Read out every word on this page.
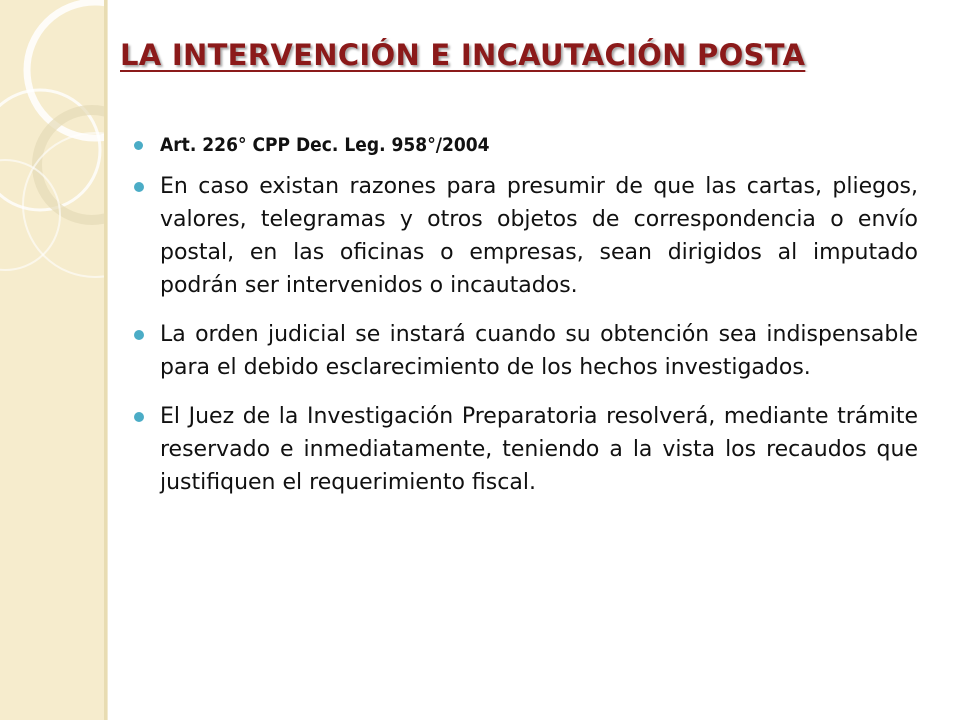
LA INTERVENCIÓN E INCAUTACIÓN POSTA

Art. 226° CPP Dec. Leg. 958°/2004

En caso existan razones para presumir de que las cartas, pliegos, valores, telegramas y otros objetos de correspondencia o envío postal, en las oficinas o empresas, sean dirigidos al imputado podrán ser intervenidos o incautados.

La orden judicial se instará cuando su obtención sea indispensable para el debido esclarecimiento de los hechos investigados.

El Juez de la Investigación Preparatoria resolverá, mediante trámite reservado e inmediatamente, teniendo a la vista los recaudos que justifiquen el requerimiento fiscal.
